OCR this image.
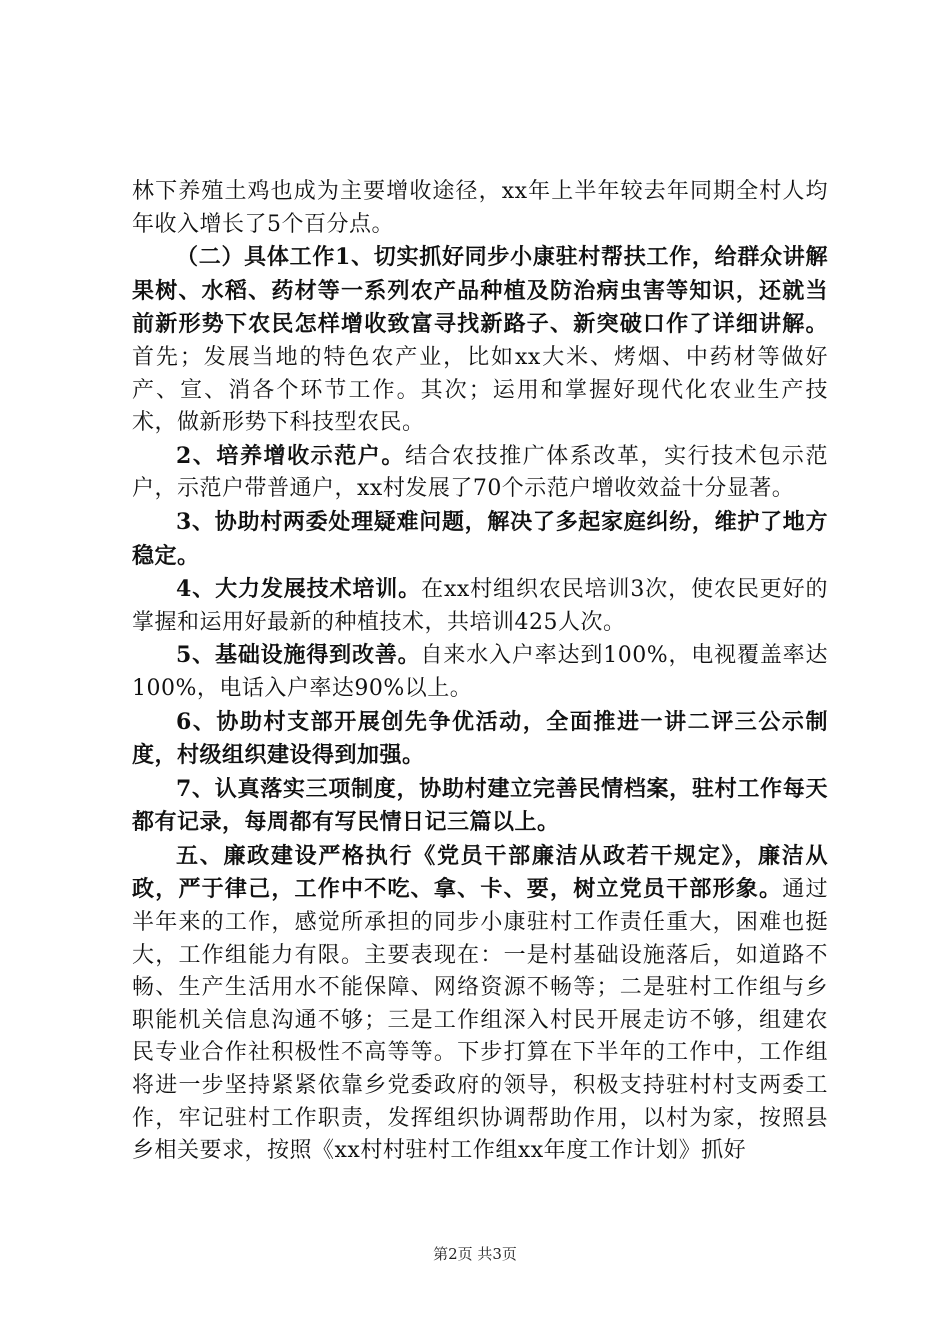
林下养殖土鸡也成为主要增收途径，xx年上半年较去年同期全村人均年收入增长了5个百分点。

（二）具体工作1、切实抓好同步小康驻村帮扶工作，给群众讲解果树、水稻、药材等一系列农产品种植及防治病虫害等知识，还就当前新形势下农民怎样增收致富寻找新路子、新突破口作了详细讲解。首先；发展当地的特色农产业，比如xx大米、烤烟、中药材等做好产、宣、消各个环节工作。其次；运用和掌握好现代化农业生产技术，做新形势下科技型农民。

2、培养增收示范户。结合农技推广体系改革，实行技术包示范户，示范户带普通户，xx村发展了70个示范户增收效益十分显著。

3、协助村两委处理疑难问题，解决了多起家庭纠纷，维护了地方稳定。

4、大力发展技术培训。在xx村组织农民培训3次，使农民更好的掌握和运用好最新的种植技术，共培训425人次。

5、基础设施得到改善。自来水入户率达到100%，电视覆盖率达100%，电话入户率达90%以上。

6、协助村支部开展创先争优活动，全面推进一讲二评三公示制度，村级组织建设得到加强。

7、认真落实三项制度，协助村建立完善民情档案，驻村工作每天都有记录，每周都有写民情日记三篇以上。

五、廉政建设严格执行《党员干部廉洁从政若干规定》，廉洁从政，严于律己，工作中不吃、拿、卡、要，树立党员干部形象。通过半年来的工作，感觉所承担的同步小康驻村工作责任重大，困难也挺大，工作组能力有限。主要表现在：一是村基础设施落后，如道路不畅、生产生活用水不能保障、网络资源不畅等；二是驻村工作组与乡职能机关信息沟通不够；三是工作组深入村民开展走访不够，组建农民专业合作社积极性不高等等。下步打算在下半年的工作中，工作组将进一步坚持紧紧依靠乡党委政府的领导，积极支持驻村村支两委工作，牢记驻村工作职责，发挥组织协调帮助作用，以村为家，按照县乡相关要求，按照《xx村村驻村工作组xx年度工作计划》抓好

第2页 共3页
